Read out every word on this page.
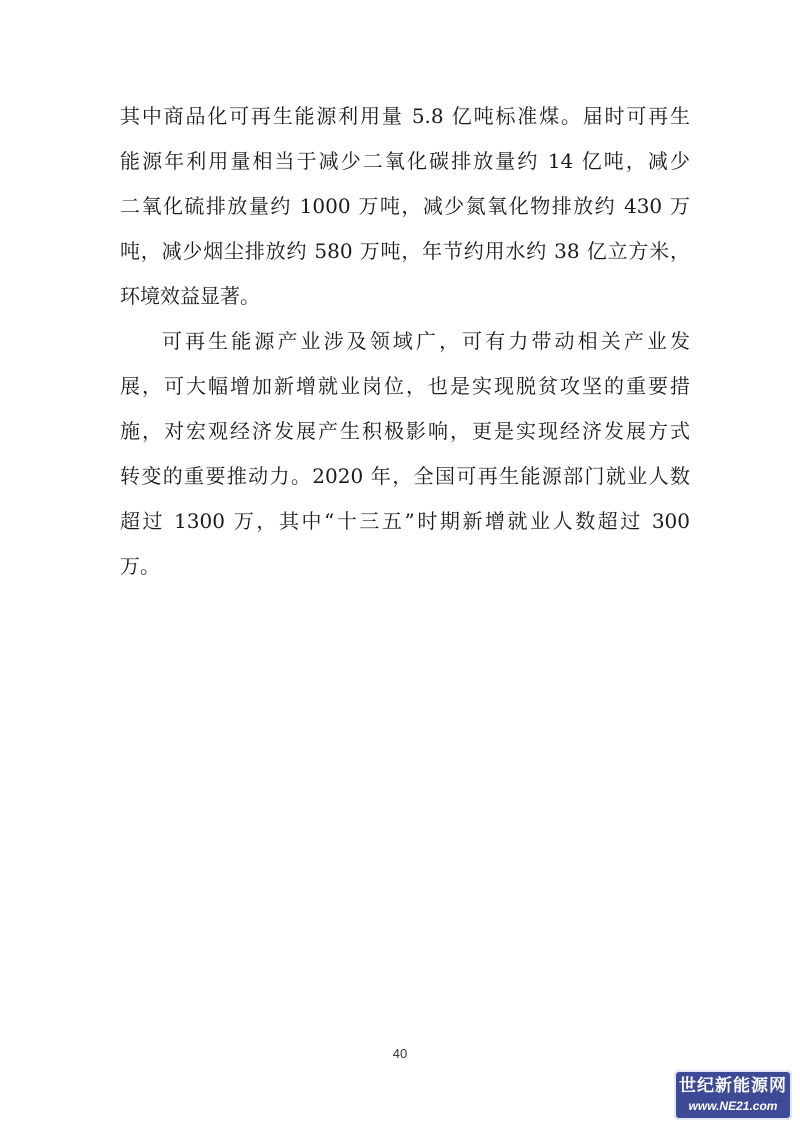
其中商品化可再生能源利用量 5.8 亿吨标准煤。届时可再生
能源年利用量相当于减少二氧化碳排放量约 14 亿吨，减少
二氧化硫排放量约 1000 万吨，减少氮氧化物排放约 430 万
吨，减少烟尘排放约 580 万吨，年节约用水约 38 亿立方米，
环境效益显著。
可再生能源产业涉及领域广，可有力带动相关产业发
展，可大幅增加新增就业岗位，也是实现脱贫攻坚的重要措
施，对宏观经济发展产生积极影响，更是实现经济发展方式
转变的重要推动力。2020 年，全国可再生能源部门就业人数
超过 1300 万，其中“十三五”时期新增就业人数超过 300
万。
40
世纪新能源网
www.NE21.com
